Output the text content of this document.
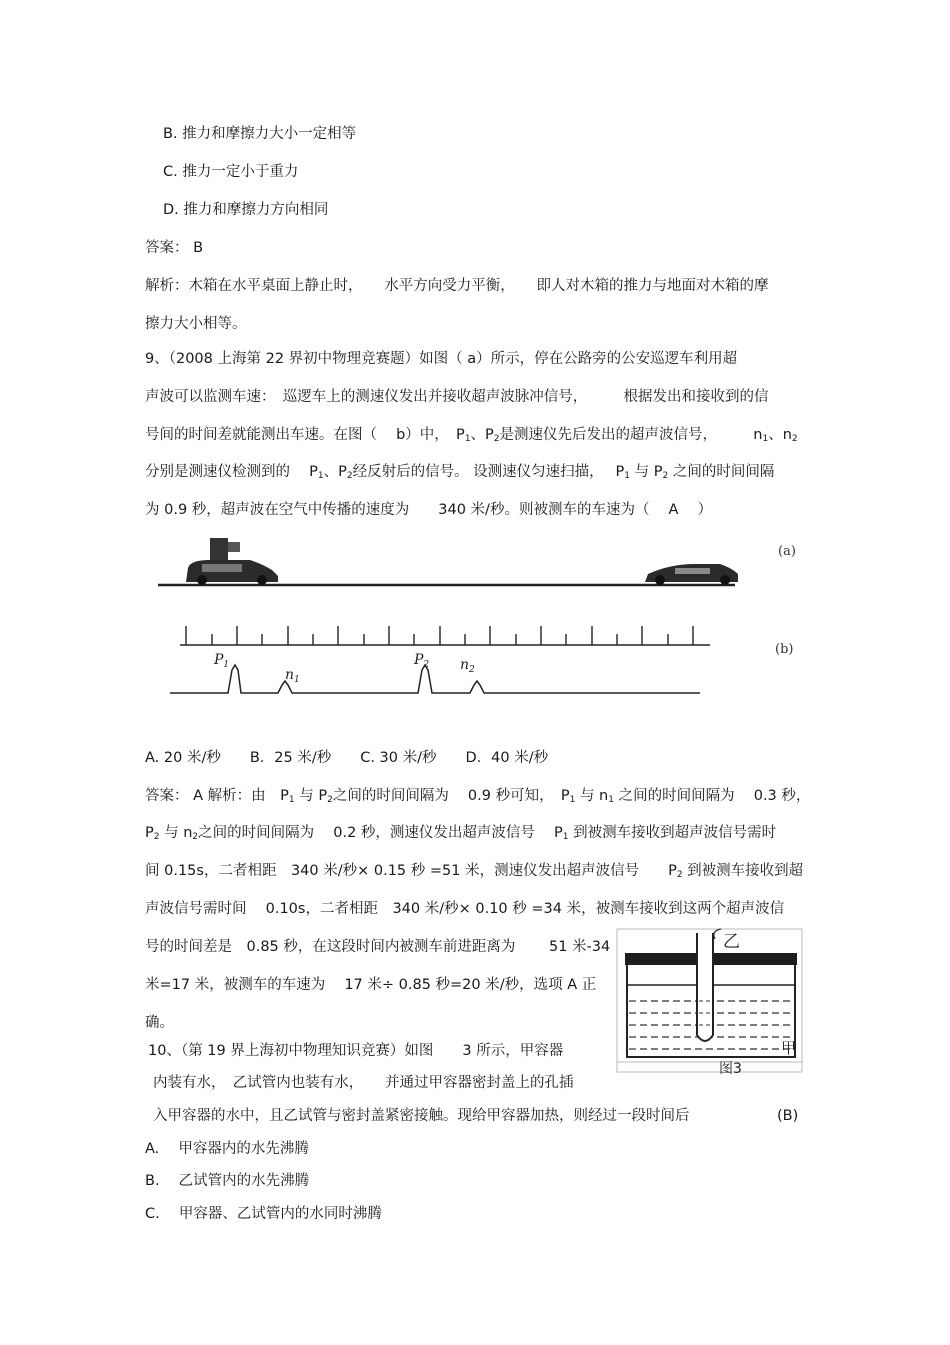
B. 推力和摩擦力大小一定相等
C. 推力一定小于重力
D. 推力和摩擦力方向相同
答案： B
解析：木箱在水平桌面上静止时，　　水平方向受力平衡，　　即人对木箱的推力与地面对木箱的摩
擦力大小相等。
9、（2008 上海第 22 界初中物理竞赛题）如图（ a）所示，停在公路旁的公安巡逻车利用超
声波可以监测车速：　巡逻车上的测速仪发出并接收超声波脉冲信号，　　　根据发出和接收到的信
号间的时间差就能测出车速。在图（　 b）中，　$P_1$、$P_2$是测速仪先后发出的超声波信号，　　　$n_1$、$n_2$
分别是测速仪检测到的　 $P_1$、$P_2$经反射后的信号。 设测速仪匀速扫描，　 $P_1$ 与 $P_2$ 之间的时间间隔
为 0.9 秒，超声波在空气中传播的速度为　　340 米/秒。则被测车的车速为（　 A　 ）
(a)
(b)
$P_1$
$n_1$
$P_2$ $n_2$
A. 20 米/秒　　B．25 米/秒　　C. 30 米/秒　　D．40 米/秒
答案： A 解析：由　$P_1$ 与 $P_2$之间的时间间隔为　 0.9 秒可知，　$P_1$ 与 $n_1$ 之间的时间间隔为　 0.3 秒，
$P_2$ 与 $n_2$之间的时间间隔为　 0.2 秒，测速仪发出超声波信号　 $P_1$ 到被测车接收到超声波信号需时
间 0.15s，二者相距　340 米/秒× 0.15 秒 =51 米，测速仪发出超声波信号　　$P_2$ 到被测车接收到超
声波信号需时间　 0.10s，二者相距　340 米/秒× 0.10 秒 =34 米，被测车接收到这两个超声波信
号的时间差是　0.85 秒，在这段时间内被测车前进距离为　　 51 米-34
米=17 米，被测车的车速为　 17 米÷ 0.85 秒=20 米/秒，选项 A 正
确。
乙
甲
图3
10、（第 19 界上海初中物理知识竞赛）如图　　3 所示，甲容器
内装有水，　乙试管内也装有水，　　并通过甲容器密封盖上的孔插
入甲容器的水中，且乙试管与密封盖紧密接触。现给甲容器加热，则经过一段时间后	(B)
A. 　甲容器内的水先沸腾
B. 　乙试管内的水先沸腾
C. 　甲容器、乙试管内的水同时沸腾
